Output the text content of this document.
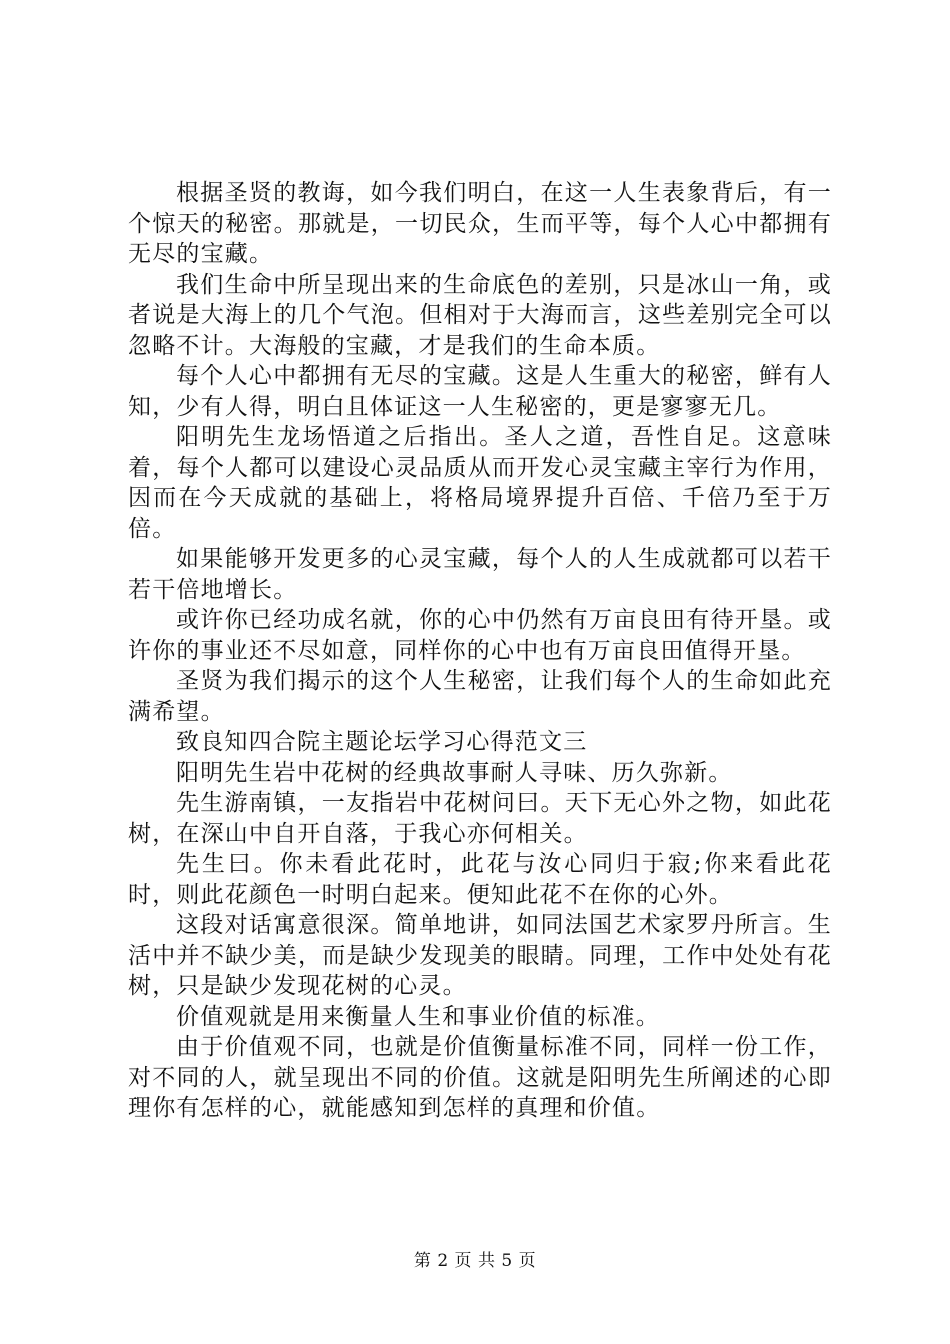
根据圣贤的教诲，如今我们明白，在这一人生表象背后，有一个惊天的秘密。那就是，一切民众，生而平等，每个人心中都拥有无尽的宝藏。

我们生命中所呈现出来的生命底色的差别，只是冰山一角，或者说是大海上的几个气泡。但相对于大海而言，这些差别完全可以忽略不计。大海般的宝藏，才是我们的生命本质。

每个人心中都拥有无尽的宝藏。这是人生重大的秘密，鲜有人知，少有人得，明白且体证这一人生秘密的，更是寥寥无几。

阳明先生龙场悟道之后指出。圣人之道，吾性自足。这意味着，每个人都可以建设心灵品质从而开发心灵宝藏主宰行为作用，因而在今天成就的基础上，将格局境界提升百倍、千倍乃至于万倍。

如果能够开发更多的心灵宝藏，每个人的人生成就都可以若干若干倍地增长。

或许你已经功成名就，你的心中仍然有万亩良田有待开垦。或许你的事业还不尽如意，同样你的心中也有万亩良田值得开垦。

圣贤为我们揭示的这个人生秘密，让我们每个人的生命如此充满希望。

致良知四合院主题论坛学习心得范文三

阳明先生岩中花树的经典故事耐人寻味、历久弥新。

先生游南镇，一友指岩中花树问曰。天下无心外之物，如此花树，在深山中自开自落，于我心亦何相关。

先生曰。你未看此花时，此花与汝心同归于寂;你来看此花时，则此花颜色一时明白起来。便知此花不在你的心外。

这段对话寓意很深。简单地讲，如同法国艺术家罗丹所言。生活中并不缺少美，而是缺少发现美的眼睛。同理，工作中处处有花树，只是缺少发现花树的心灵。

价值观就是用来衡量人生和事业价值的标准。

由于价值观不同，也就是价值衡量标准不同，同样一份工作，对不同的人，就呈现出不同的价值。这就是阳明先生所阐述的心即理你有怎样的心，就能感知到怎样的真理和价值。

第 2 页 共 5 页
